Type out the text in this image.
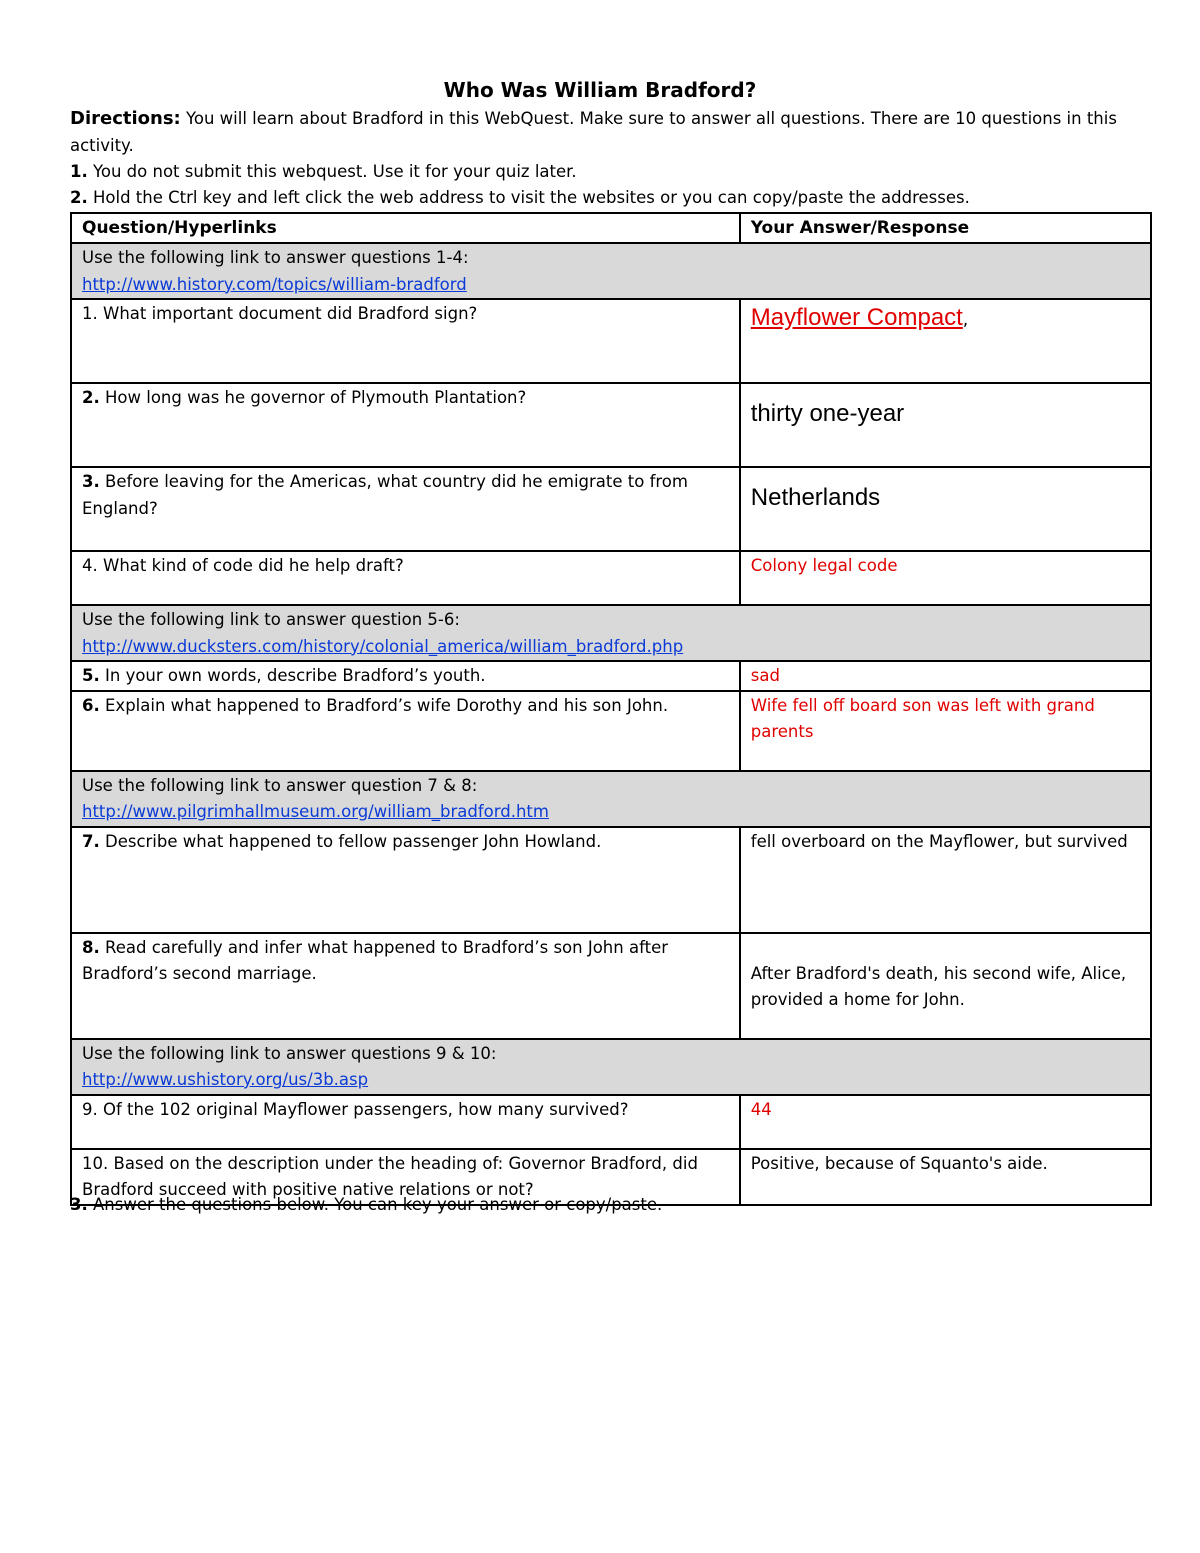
Who Was William Bradford?
Directions: You will learn about Bradford in this WebQuest. Make sure to answer all questions. There are 10 questions in this activity.
1. You do not submit this webquest. Use it for your quiz later.
2. Hold the Ctrl key and left click the web address to visit the websites or you can copy/paste the addresses.
Question/Hyperlinks	Your Answer/Response

Use the following link to answer questions 1-4:
http://www.history.com/topics/william-bradford	

1. What important document did Bradford sign?	Mayflower Compact,

2. How long was he governor of Plymouth Plantation?	thirty one-year

3. Before leaving for the Americas, what country did he emigrate to from England?	Netherlands

4. What kind of code did he help draft?	Colony legal code

Use the following link to answer question 5-6:
http://www.ducksters.com/history/colonial_america/william_bradford.php	

5. In your own words, describe Bradford’s youth.	sad
6. Explain what happened to Bradford’s wife Dorothy and his son John.	Wife fell off board son was left with grand parents

Use the following link to answer question 7 & 8:
http://www.pilgrimhallmuseum.org/william_bradford.htm	

7. Describe what happened to fellow passenger John Howland.	fell overboard on the Mayflower, but survived
8. Read carefully and infer what happened to Bradford’s son John after Bradford’s second marriage.	After Bradford's death, his second wife, Alice, provided a home for John.

Use the following link to answer questions 9 & 10:
http://www.ushistory.org/us/3b.asp	

9. Of the 102 original Mayflower passengers, how many survived?	44
10. Based on the description under the heading of: Governor Bradford, did Bradford succeed with positive native relations or not?	Positive, because of Squanto's aide.
3. Answer the questions below. You can key your answer or copy/paste.
